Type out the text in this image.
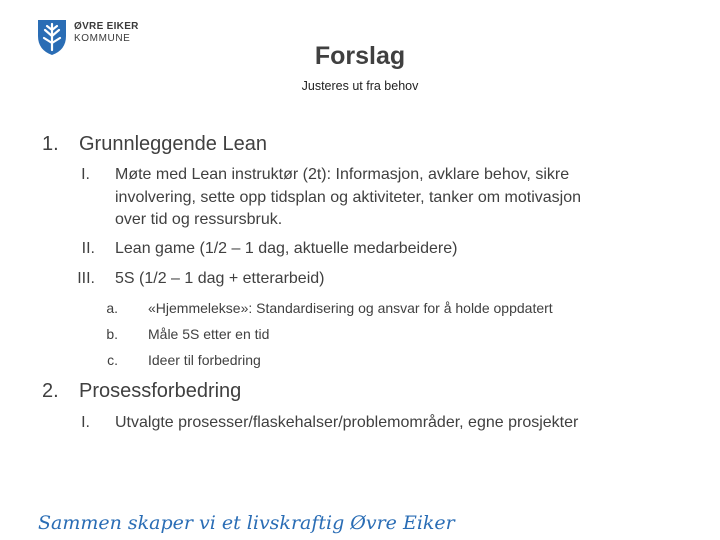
ØVRE EIKER
KOMMUNE
Forslag
Justeres ut fra behov
1. Grunnleggende Lean
I. Møte med Lean instruktør (2t): Informasjon, avklare behov, sikre
involvering, sette opp tidsplan og aktiviteter, tanker om motivasjon
over tid og ressursbruk.
II. Lean game (1/2 – 1 dag, aktuelle medarbeidere)
III. 5S (1/2 – 1 dag + etterarbeid)
a. «Hjemmelekse»: Standardisering og ansvar for å holde oppdatert
b. Måle 5S etter en tid
c. Ideer til forbedring
2. Prosessforbedring
I. Utvalgte prosesser/flaskehalser/problemområder, egne prosjekter
Sammen skaper vi et livskraftig Øvre Eiker
